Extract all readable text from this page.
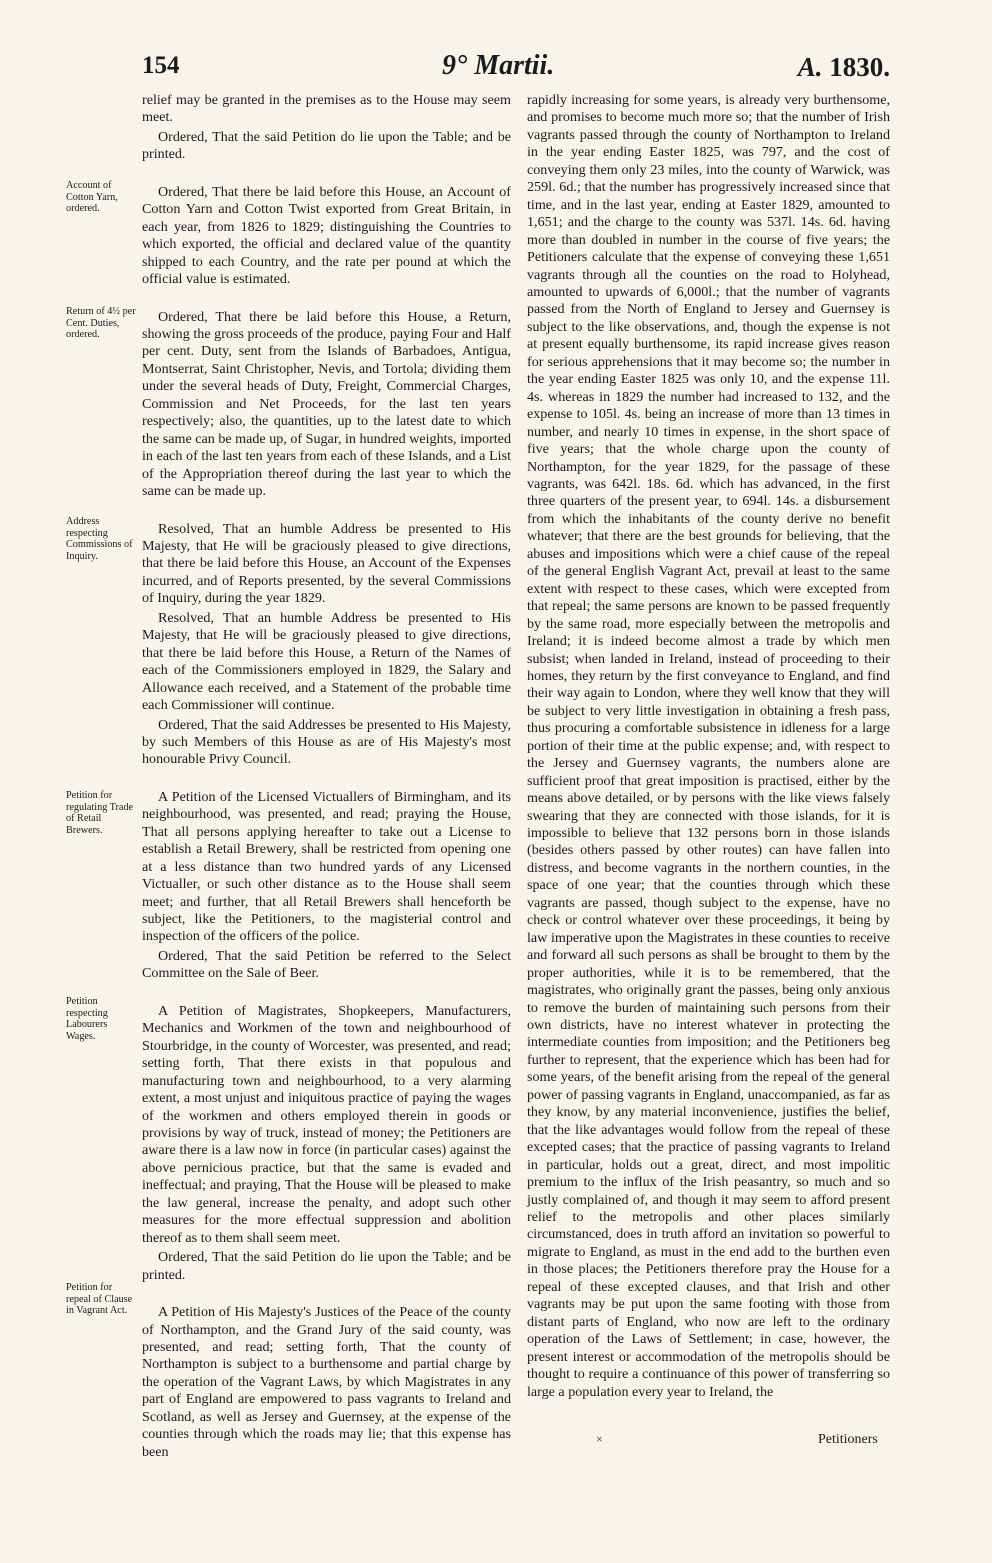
154	9° Martii.	A. 1830.
Account of Cotton Yarn, ordered.
Return of 4½ per Cent. Duties, ordered.
Address respecting Commissions of Inquiry.
Petition for regulating Trade of Retail Brewers.
Petition respecting Labourers Wages.
Petition for repeal of Clause in Vagrant Act.

relief may be granted in the premises as to the House may seem meet.

Ordered, That the said Petition do lie upon the Table; and be printed.

Ordered, That there be laid before this House, an Account of Cotton Yarn and Cotton Twist exported from Great Britain, in each year, from 1826 to 1829; distinguishing the Countries to which exported, the official and declared value of the quantity shipped to each Country, and the rate per pound at which the official value is estimated.

Ordered, That there be laid before this House, a Return, showing the gross proceeds of the produce, paying Four and Half per cent. Duty, sent from the Islands of Barbadoes, Antigua, Montserrat, Saint Christopher, Nevis, and Tortola; dividing them under the several heads of Duty, Freight, Commercial Charges, Commission and Net Proceeds, for the last ten years respectively; also, the quantities, up to the latest date to which the same can be made up, of Sugar, in hundred weights, imported in each of the last ten years from each of these Islands, and a List of the Appropriation thereof during the last year to which the same can be made up.

Resolved, That an humble Address be presented to His Majesty, that He will be graciously pleased to give directions, that there be laid before this House, an Account of the Expenses incurred, and of Reports presented, by the several Commissions of Inquiry, during the year 1829.

Resolved, That an humble Address be presented to His Majesty, that He will be graciously pleased to give directions, that there be laid before this House, a Return of the Names of each of the Commissioners employed in 1829, the Salary and Allowance each received, and a Statement of the probable time each Commissioner will continue.

Ordered, That the said Addresses be presented to His Majesty, by such Members of this House as are of His Majesty's most honourable Privy Council.

A Petition of the Licensed Victuallers of Birmingham, and its neighbourhood, was presented, and read; praying the House, That all persons applying hereafter to take out a License to establish a Retail Brewery, shall be restricted from opening one at a less distance than two hundred yards of any Licensed Victualler, or such other distance as to the House shall seem meet; and further, that all Retail Brewers shall henceforth be subject, like the Petitioners, to the magisterial control and inspection of the officers of the police.

Ordered, That the said Petition be referred to the Select Committee on the Sale of Beer.

A Petition of Magistrates, Shopkeepers, Manufacturers, Mechanics and Workmen of the town and neighbourhood of Stourbridge, in the county of Worcester, was presented, and read; setting forth, That there exists in that populous and manufacturing town and neighbourhood, to a very alarming extent, a most unjust and iniquitous practice of paying the wages of the workmen and others employed therein in goods or provisions by way of truck, instead of money; the Petitioners are aware there is a law now in force (in particular cases) against the above pernicious practice, but that the same is evaded and ineffectual; and praying, That the House will be pleased to make the law general, increase the penalty, and adopt such other measures for the more effectual suppression and abolition thereof as to them shall seem meet.

Ordered, That the said Petition do lie upon the Table; and be printed.

A Petition of His Majesty's Justices of the Peace of the county of Northampton, and the Grand Jury of the said county, was presented, and read; setting forth, That the county of Northampton is subject to a burthensome and partial charge by the operation of the Vagrant Laws, by which Magistrates in any part of England are empowered to pass vagrants to Ireland and Scotland, as well as Jersey and Guernsey, at the expense of the counties through which the roads may lie; that this expense has been

rapidly increasing for some years, is already very burthensome, and promises to become much more so; that the number of Irish vagrants passed through the county of Northampton to Ireland in the year ending Easter 1825, was 797, and the cost of conveying them only 23 miles, into the county of Warwick, was 259l. 6d.; that the number has progressively increased since that time, and in the last year, ending at Easter 1829, amounted to 1,651; and the charge to the county was 537l. 14s. 6d. having more than doubled in number in the course of five years; the Petitioners calculate that the expense of conveying these 1,651 vagrants through all the counties on the road to Holyhead, amounted to upwards of 6,000l.; that the number of vagrants passed from the North of England to Jersey and Guernsey is subject to the like observations, and, though the expense is not at present equally burthensome, its rapid increase gives reason for serious apprehensions that it may become so; the number in the year ending Easter 1825 was only 10, and the expense 11l. 4s. whereas in 1829 the number had increased to 132, and the expense to 105l. 4s. being an increase of more than 13 times in number, and nearly 10 times in expense, in the short space of five years; that the whole charge upon the county of Northampton, for the year 1829, for the passage of these vagrants, was 642l. 18s. 6d. which has advanced, in the first three quarters of the present year, to 694l. 14s. a disbursement from which the inhabitants of the county derive no benefit whatever; that there are the best grounds for believing, that the abuses and impositions which were a chief cause of the repeal of the general English Vagrant Act, prevail at least to the same extent with respect to these cases, which were excepted from that repeal; the same persons are known to be passed frequently by the same road, more especially between the metropolis and Ireland; it is indeed become almost a trade by which men subsist; when landed in Ireland, instead of proceeding to their homes, they return by the first conveyance to England, and find their way again to London, where they well know that they will be subject to very little investigation in obtaining a fresh pass, thus procuring a comfortable subsistence in idleness for a large portion of their time at the public expense; and, with respect to the Jersey and Guernsey vagrants, the numbers alone are sufficient proof that great imposition is practised, either by the means above detailed, or by persons with the like views falsely swearing that they are connected with those islands, for it is impossible to believe that 132 persons born in those islands (besides others passed by other routes) can have fallen into distress, and become vagrants in the northern counties, in the space of one year; that the counties through which these vagrants are passed, though subject to the expense, have no check or control whatever over these proceedings, it being by law imperative upon the Magistrates in these counties to receive and forward all such persons as shall be brought to them by the proper authorities, while it is to be remembered, that the magistrates, who originally grant the passes, being only anxious to remove the burden of maintaining such persons from their own districts, have no interest whatever in protecting the intermediate counties from imposition; and the Petitioners beg further to represent, that the experience which has been had for some years, of the benefit arising from the repeal of the general power of passing vagrants in England, unaccompanied, as far as they know, by any material inconvenience, justifies the belief, that the like advantages would follow from the repeal of these excepted cases; that the practice of passing vagrants to Ireland in particular, holds out a great, direct, and most impolitic premium to the influx of the Irish peasantry, so much and so justly complained of, and though it may seem to afford present relief to the metropolis and other places similarly circumstanced, does in truth afford an invitation so powerful to migrate to England, as must in the end add to the burthen even in those places; the Petitioners therefore pray the House for a repeal of these excepted clauses, and that Irish and other vagrants may be put upon the same footing with those from distant parts of England, who now are left to the ordinary operation of the Laws of Settlement; in case, however, the present interest or accommodation of the metropolis should be thought to require a continuance of this power of transferring so large a population every year to Ireland, the

×	Petitioners
